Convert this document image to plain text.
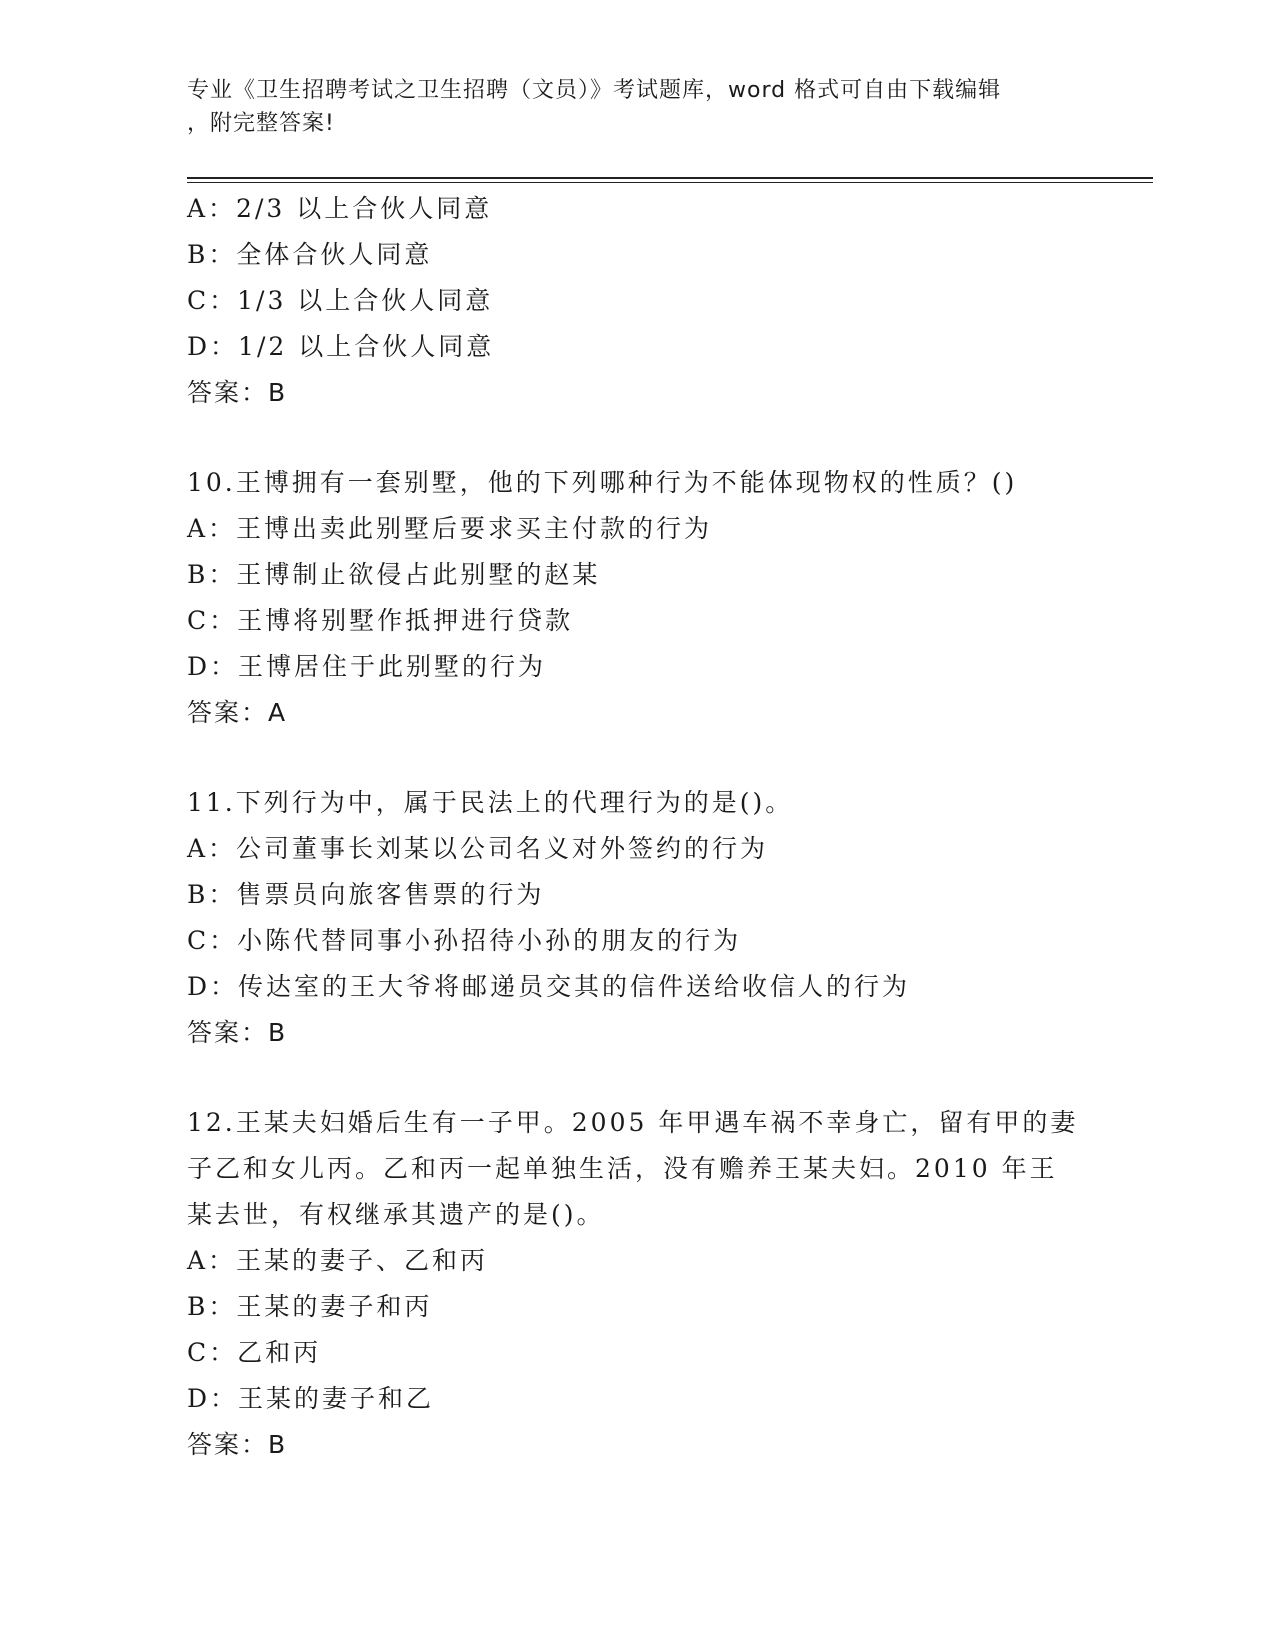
专业《卫生招聘考试之卫生招聘（文员）》考试题库，word 格式可自由下载编辑
，附完整答案!
A：2/3 以上合伙人同意
B：全体合伙人同意
C：1/3 以上合伙人同意
D：1/2 以上合伙人同意
答案：B
10.王博拥有一套别墅，他的下列哪种行为不能体现物权的性质？()
A：王博出卖此别墅后要求买主付款的行为
B：王博制止欲侵占此别墅的赵某
C：王博将别墅作抵押进行贷款
D：王博居住于此别墅的行为
答案：A
11.下列行为中，属于民法上的代理行为的是()。
A：公司董事长刘某以公司名义对外签约的行为
B：售票员向旅客售票的行为
C：小陈代替同事小孙招待小孙的朋友的行为
D：传达室的王大爷将邮递员交其的信件送给收信人的行为
答案：B
12.王某夫妇婚后生有一子甲。2005 年甲遇车祸不幸身亡，留有甲的妻
子乙和女儿丙。乙和丙一起单独生活，没有赡养王某夫妇。2010 年王
某去世，有权继承其遗产的是()。
A：王某的妻子、乙和丙
B：王某的妻子和丙
C：乙和丙
D：王某的妻子和乙
答案：B
